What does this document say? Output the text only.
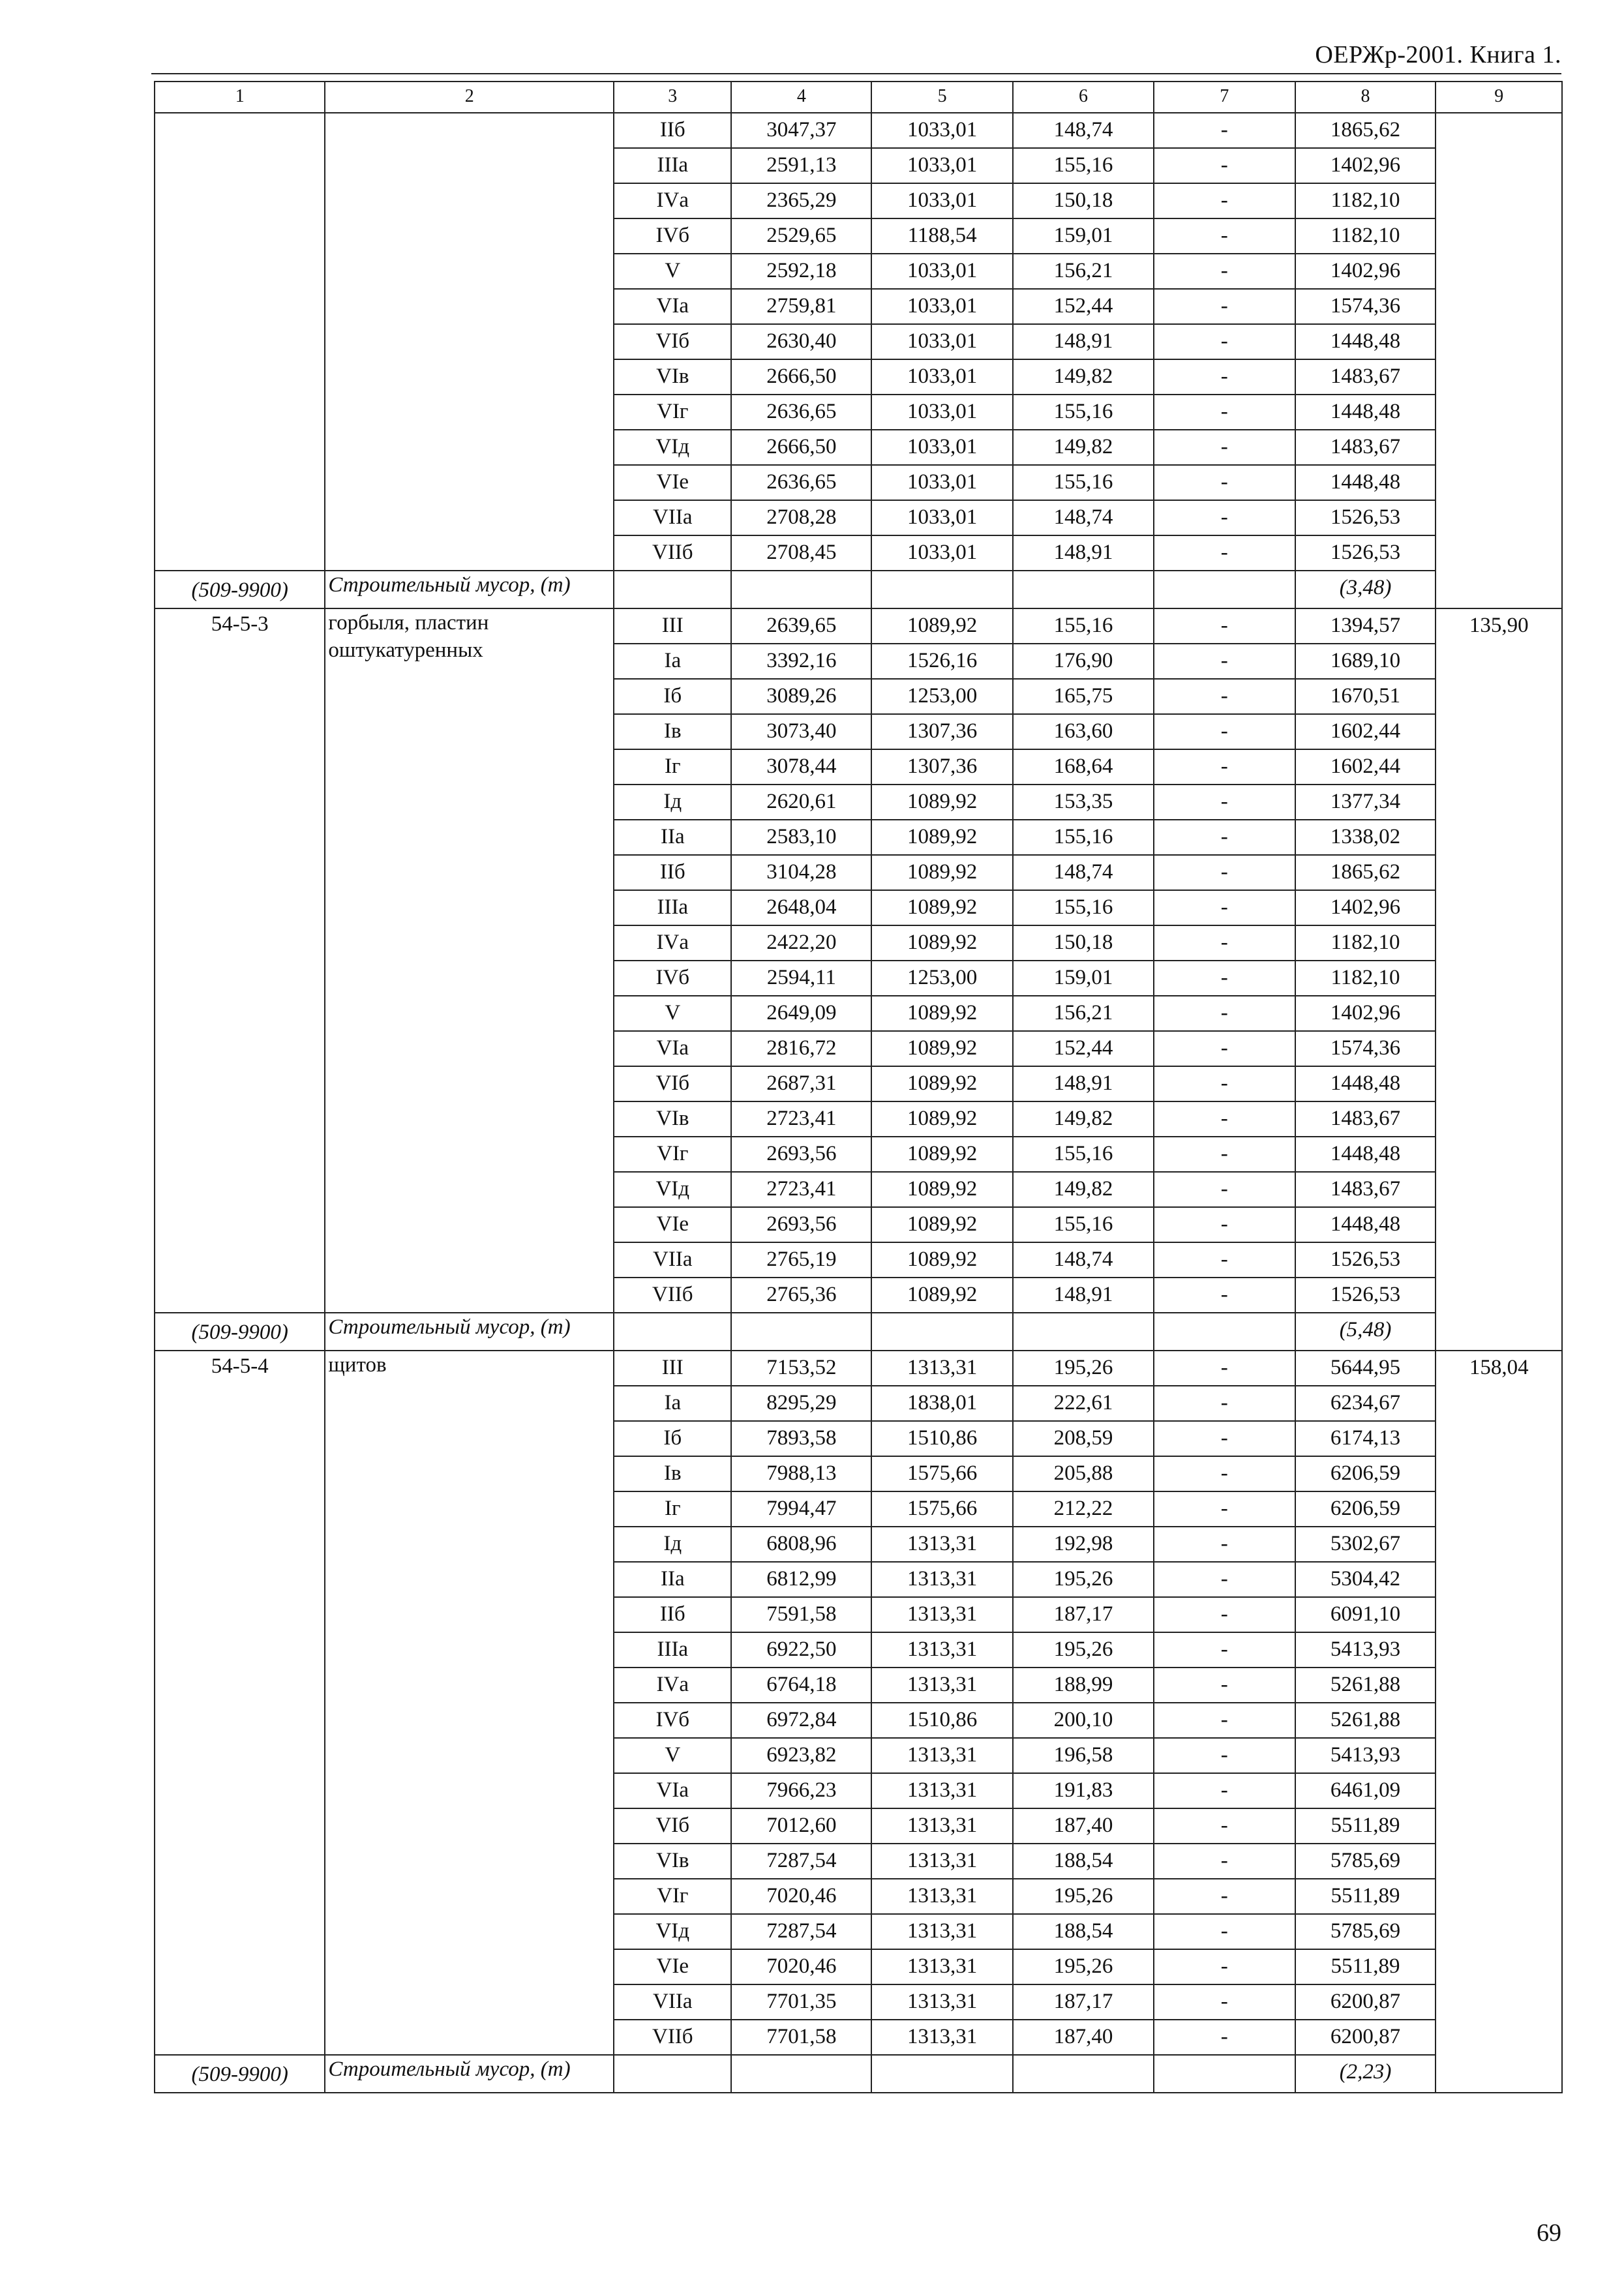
ОЕРЖр-2001. Книга 1.
1	2	3	4	5	6	7	8	9

		IIб	3047,37	1033,01	148,74	-	1865,62	
		IIIа	2591,13	1033,01	155,16	-	1402,96	
		IVа	2365,29	1033,01	150,18	-	1182,10	
		IVб	2529,65	1188,54	159,01	-	1182,10	
		V	2592,18	1033,01	156,21	-	1402,96	
		VIа	2759,81	1033,01	152,44	-	1574,36	
		VIб	2630,40	1033,01	148,91	-	1448,48	
		VIв	2666,50	1033,01	149,82	-	1483,67	
		VIг	2636,65	1033,01	155,16	-	1448,48	
		VIд	2666,50	1033,01	149,82	-	1483,67	
		VIе	2636,65	1033,01	155,16	-	1448,48	
		VIIа	2708,28	1033,01	148,74	-	1526,53	
		VIIб	2708,45	1033,01	148,91	-	1526,53	
(509-9900)	Строительный мусор, (т)						(3,48)	

54-5-3	горбыля, пластин оштукатуренных	III	2639,65	1089,92	155,16	-	1394,57	135,90
		Iа	3392,16	1526,16	176,90	-	1689,10	
		Iб	3089,26	1253,00	165,75	-	1670,51	
		Iв	3073,40	1307,36	163,60	-	1602,44	
		Iг	3078,44	1307,36	168,64	-	1602,44	
		Iд	2620,61	1089,92	153,35	-	1377,34	
		IIа	2583,10	1089,92	155,16	-	1338,02	
		IIб	3104,28	1089,92	148,74	-	1865,62	
		IIIа	2648,04	1089,92	155,16	-	1402,96	
		IVа	2422,20	1089,92	150,18	-	1182,10	
		IVб	2594,11	1253,00	159,01	-	1182,10	
		V	2649,09	1089,92	156,21	-	1402,96	
		VIа	2816,72	1089,92	152,44	-	1574,36	
		VIб	2687,31	1089,92	148,91	-	1448,48	
		VIв	2723,41	1089,92	149,82	-	1483,67	
		VIг	2693,56	1089,92	155,16	-	1448,48	
		VIд	2723,41	1089,92	149,82	-	1483,67	
		VIе	2693,56	1089,92	155,16	-	1448,48	
		VIIа	2765,19	1089,92	148,74	-	1526,53	
		VIIб	2765,36	1089,92	148,91	-	1526,53	
(509-9900)	Строительный мусор, (т)						(5,48)	

54-5-4	щитов	III	7153,52	1313,31	195,26	-	5644,95	158,04
		Iа	8295,29	1838,01	222,61	-	6234,67	
		Iб	7893,58	1510,86	208,59	-	6174,13	
		Iв	7988,13	1575,66	205,88	-	6206,59	
		Iг	7994,47	1575,66	212,22	-	6206,59	
		Iд	6808,96	1313,31	192,98	-	5302,67	
		IIа	6812,99	1313,31	195,26	-	5304,42	
		IIб	7591,58	1313,31	187,17	-	6091,10	
		IIIа	6922,50	1313,31	195,26	-	5413,93	
		IVа	6764,18	1313,31	188,99	-	5261,88	
		IVб	6972,84	1510,86	200,10	-	5261,88	
		V	6923,82	1313,31	196,58	-	5413,93	
		VIа	7966,23	1313,31	191,83	-	6461,09	
		VIб	7012,60	1313,31	187,40	-	5511,89	
		VIв	7287,54	1313,31	188,54	-	5785,69	
		VIг	7020,46	1313,31	195,26	-	5511,89	
		VIд	7287,54	1313,31	188,54	-	5785,69	
		VIе	7020,46	1313,31	195,26	-	5511,89	
		VIIа	7701,35	1313,31	187,17	-	6200,87	
		VIIб	7701,58	1313,31	187,40	-	6200,87	
(509-9900)	Строительный мусор, (т)						(2,23)	
69
